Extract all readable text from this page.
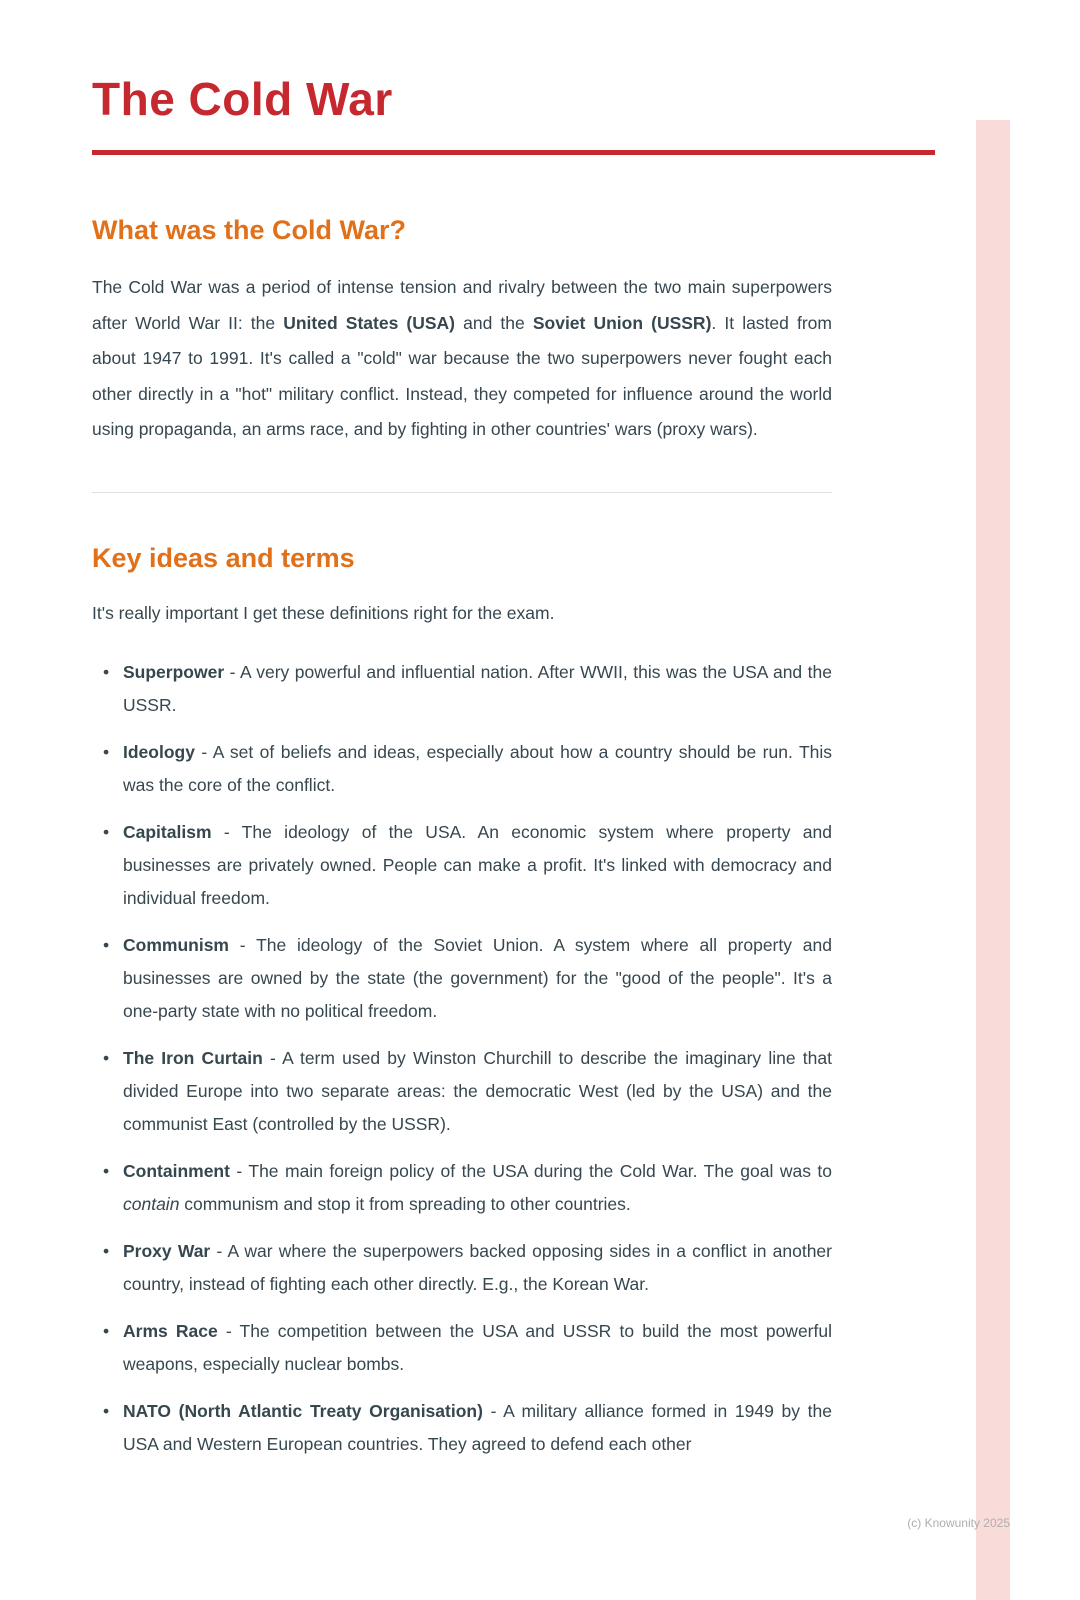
The Cold War
What was the Cold War?

The Cold War was a period of intense tension and rivalry between the two main superpowers after World War II: the United States (USA) and the Soviet Union (USSR). It lasted from about 1947 to 1991. It's called a "cold" war because the two superpowers never fought each other directly in a "hot" military conflict. Instead, they competed for influence around the world using propaganda, an arms race, and by fighting in other countries' wars (proxy wars).

Key ideas and terms

It's really important I get these definitions right for the exam.

• Superpower - A very powerful and influential nation. After WWII, this was the USA and the USSR.
• Ideology - A set of beliefs and ideas, especially about how a country should be run. This was the core of the conflict.
• Capitalism - The ideology of the USA. An economic system where property and businesses are privately owned. People can make a profit. It's linked with democracy and individual freedom.
• Communism - The ideology of the Soviet Union. A system where all property and businesses are owned by the state (the government) for the "good of the people". It's a one-party state with no political freedom.
• The Iron Curtain - A term used by Winston Churchill to describe the imaginary line that divided Europe into two separate areas: the democratic West (led by the USA) and the communist East (controlled by the USSR).
• Containment - The main foreign policy of the USA during the Cold War. The goal was to contain communism and stop it from spreading to other countries.
• Proxy War - A war where the superpowers backed opposing sides in a conflict in another country, instead of fighting each other directly. E.g., the Korean War.
• Arms Race - The competition between the USA and USSR to build the most powerful weapons, especially nuclear bombs.
• NATO (North Atlantic Treaty Organisation) - A military alliance formed in 1949 by the USA and Western European countries. They agreed to defend each other
(c) Knowunity 2025
